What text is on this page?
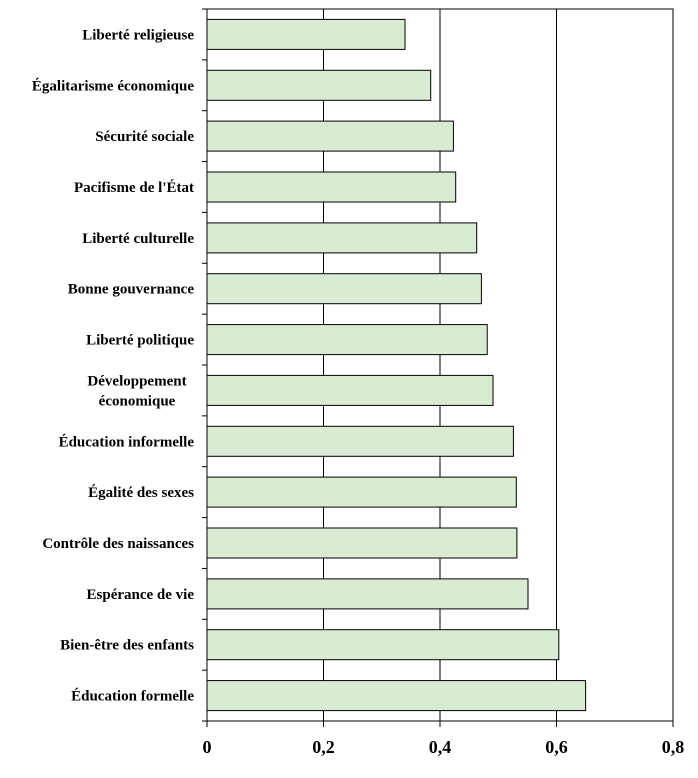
Liberté religieuse
Égalitarisme économique
Sécurité sociale
Pacifisme de l'État
Liberté culturelle
Bonne gouvernance
Liberté politique
Développement économique
Éducation informelle
Égalité des sexes
Contrôle des naissances
Espérance de vie
Bien-être des enfants
Éducation formelle
0	0,2	0,4	0,6	0,8
